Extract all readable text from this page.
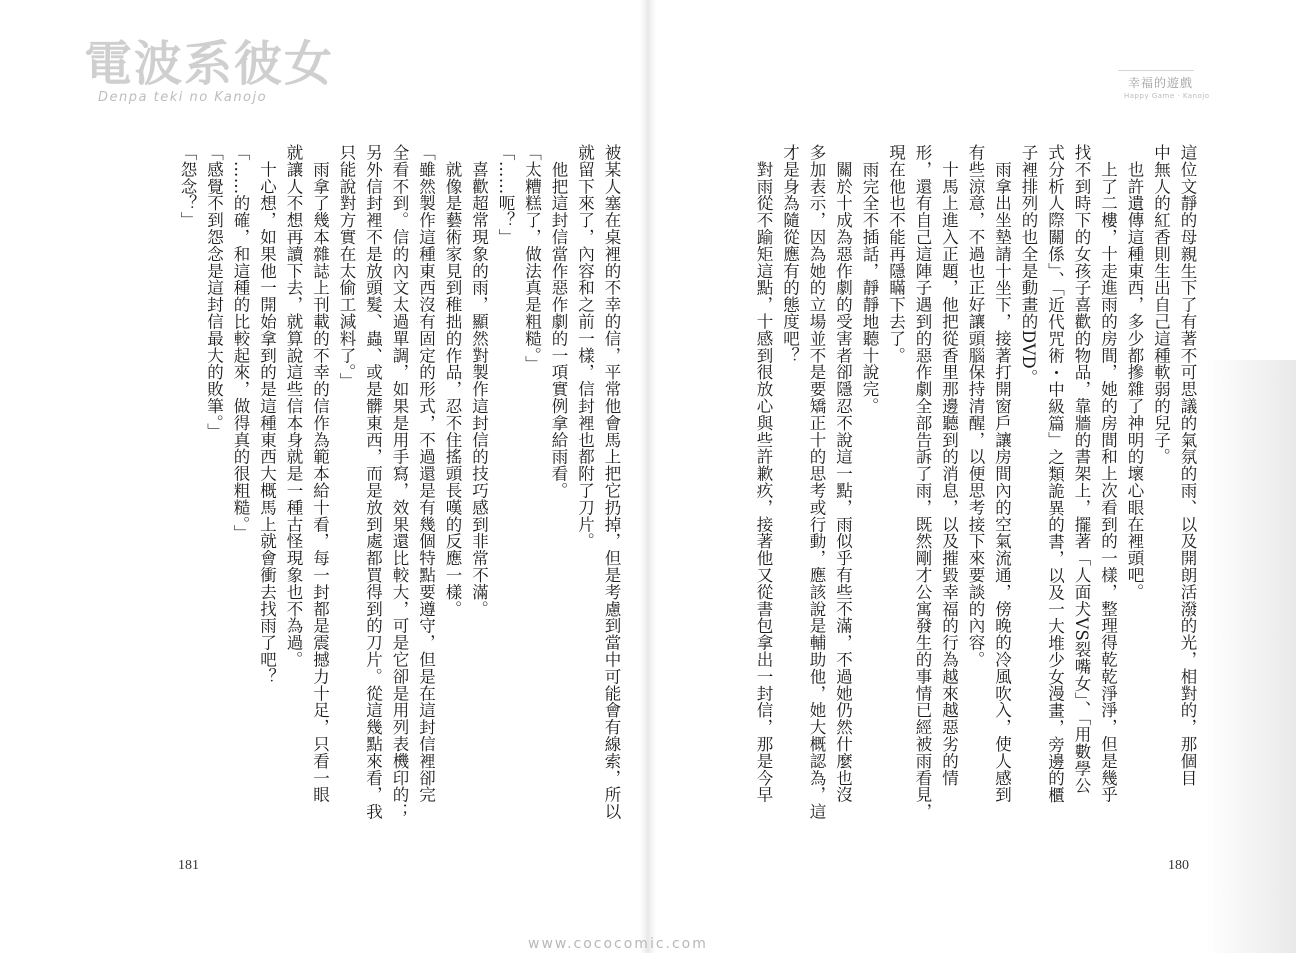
電波系彼女
Denpa teki no Kanojo
幸福的遊戲
Happy Game · Kanojo

這位文靜的母親生下了有著不可思議的氣氛的雨、以及開朗活潑的光，相對的，那個目

中無人的紅香則生出自己這種軟弱的兒子。

　也許遺傳這種東西，多少都摻雜了神明的壞心眼在裡頭吧。

　上了二樓，十走進雨的房間，她的房間和上次看到的一樣，整理得乾乾淨淨，但是幾乎

找不到時下的女孩子喜歡的物品，靠牆的書架上，擺著「人面犬VS裂嘴女」、「用數學公

式分析人際關係」、「近代咒術・中級篇」之類詭異的書，以及一大堆少女漫畫，旁邊的櫃

子裡排列的也全是動畫的DVD。

　雨拿出坐墊請十坐下，接著打開窗戶讓房間內的空氣流通，傍晚的冷風吹入，使人感到

有些涼意，不過也正好讓頭腦保持清醒，以便思考接下來要談的內容。

　十馬上進入正題，他把從香里那邊聽到的消息，以及摧毀幸福的行為越來越惡劣的情

形，還有自己這陣子遇到的惡作劇全部告訴了雨，既然剛才公寓發生的事情已經被雨看見，

現在他也不能再隱瞞下去了。

　雨完全不插話，靜靜地聽十說完。

　關於十成為惡作劇的受害者卻隱忍不說這一點，雨似乎有些不滿，不過她仍然什麼也沒

多加表示，因為她的立場並不是要矯正十的思考或行動，應該說是輔助他，她大概認為，這

才是身為隨從應有的態度吧？

　對雨從不踰矩這點，十感到很放心與些許歉疚，接著他又從書包拿出一封信，那是今早

被某人塞在桌裡的不幸的信，平常他會馬上把它扔掉，但是考慮到當中可能會有線索，所以

就留下來了，內容和之前一樣，信封裡也都附了刀片。

　他把這封信當作惡作劇的一項實例拿給雨看。

「太糟糕了，做法真是粗糙。」

「……呃？」

　喜歡超常現象的雨，顯然對製作這封信的技巧感到非常不滿。

　就像是藝術家見到稚拙的作品，忍不住搖頭長嘆的反應一樣。

「雖然製作這種東西沒有固定的形式，不過還是有幾個特點要遵守，但是在這封信裡卻完

全看不到。信的內文太過單調，如果是用手寫，效果還比較大，可是它卻是用列表機印的；

另外信封裡不是放頭髮、蟲、或是髒東西，而是放到處都買得到的刀片。從這幾點來看，我

只能說對方實在太偷工減料了。」

　雨拿了幾本雜誌上刊載的不幸的信作為範本給十看，每一封都是震撼力十足，只看一眼

就讓人不想再讀下去，就算說這些信本身就是一種古怪現象也不為過。

　十心想，如果他一開始拿到的是這種東西大概馬上就會衝去找雨了吧？

「……的確，和這種的比較起來，做得真的很粗糙。」

「感覺不到怨念是這封信最大的敗筆。」

「怨念？」

181	180
www.cococomic.com
